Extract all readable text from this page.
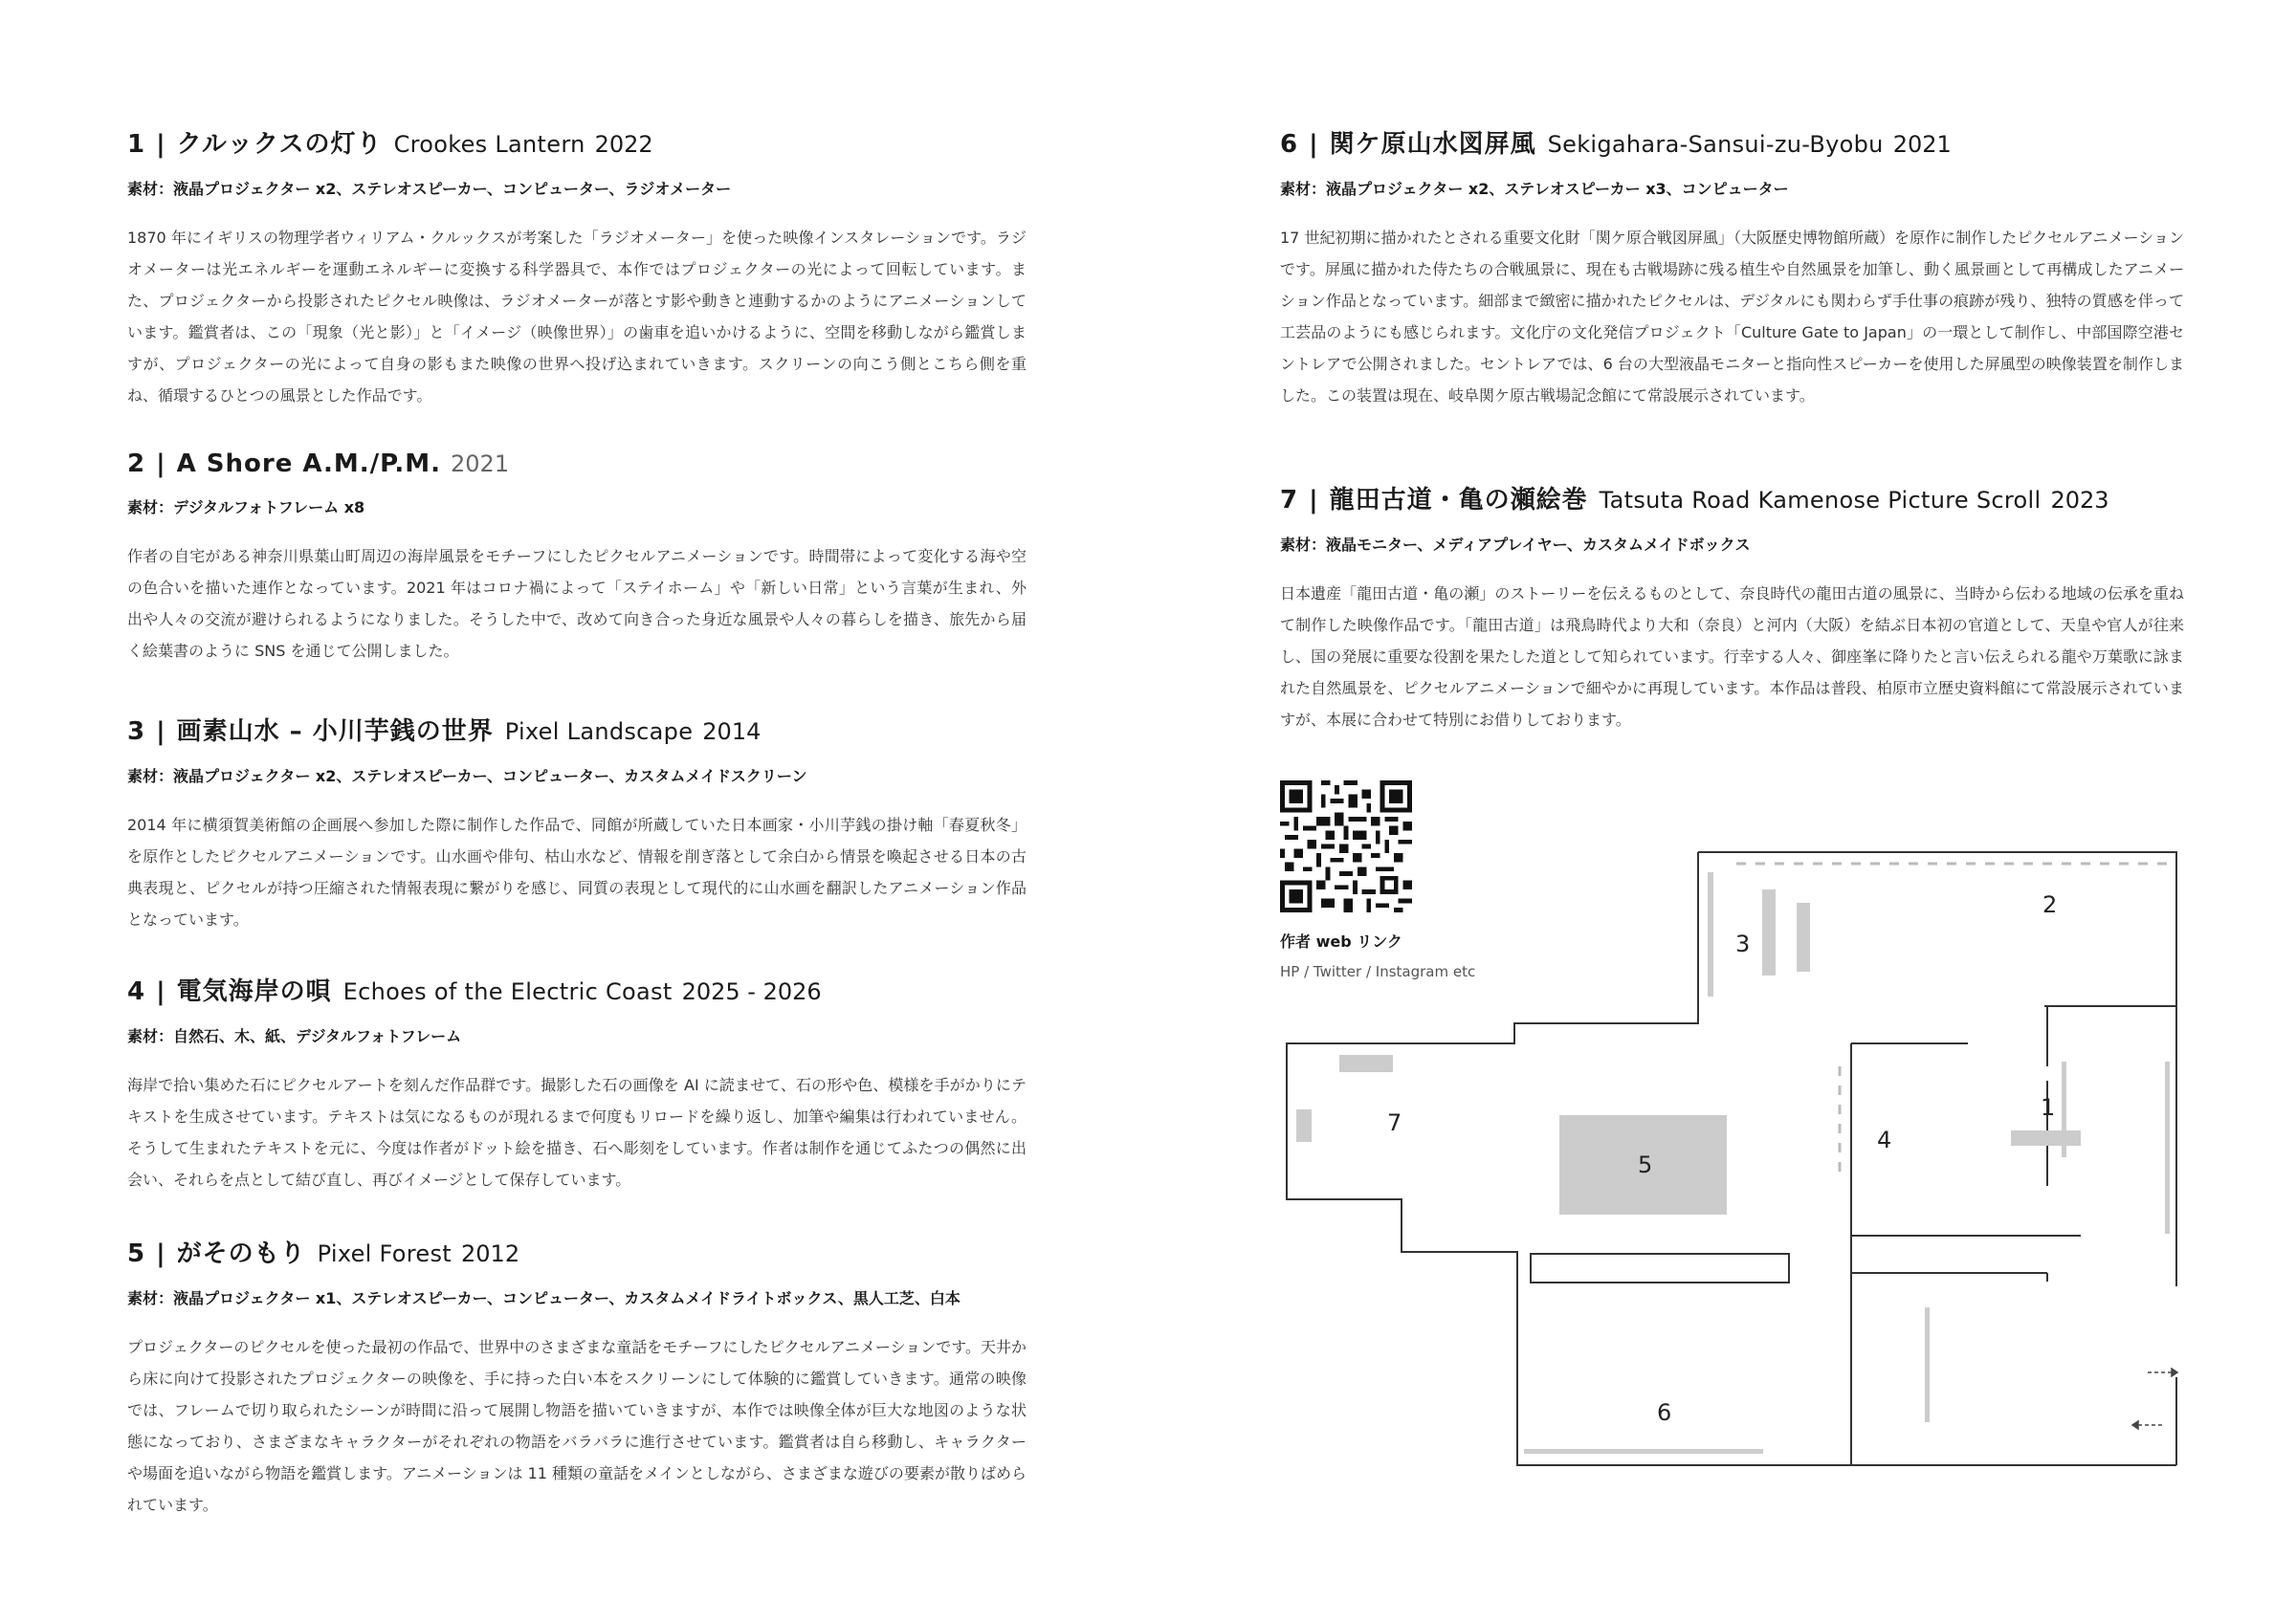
1 | クルックスの灯り Crookes Lantern 2022

素材：液晶プロジェクター x2、ステレオスピーカー、コンピューター、ラジオメーター

1870 年にイギリスの物理学者ウィリアム・クルックスが考案した「ラジオメーター」を使った映像インスタレーションです。ラジオメーターは光エネルギーを運動エネルギーに変換する科学器具で、本作ではプロジェクターの光によって回転しています。また、プロジェクターから投影されたピクセル映像は、ラジオメーターが落とす影や動きと連動するかのようにアニメーションしています。鑑賞者は、この「現象（光と影）」と「イメージ（映像世界）」の歯車を追いかけるように、空間を移動しながら鑑賞しますが、プロジェクターの光によって自身の影もまた映像の世界へ投げ込まれていきます。スクリーンの向こう側とこちら側を重ね、循環するひとつの風景とした作品です。

2 | A Shore A.M./P.M. 2021

素材：デジタルフォトフレーム x8

作者の自宅がある神奈川県葉山町周辺の海岸風景をモチーフにしたピクセルアニメーションです。時間帯によって変化する海や空の色合いを描いた連作となっています。2021 年はコロナ禍によって「ステイホーム」や「新しい日常」という言葉が生まれ、外出や人々の交流が避けられるようになりました。そうした中で、改めて向き合った身近な風景や人々の暮らしを描き、旅先から届く絵葉書のように SNS を通じて公開しました。

3 | 画素山水 – 小川芋銭の世界 Pixel Landscape 2014

素材：液晶プロジェクター x2、ステレオスピーカー、コンピューター、カスタムメイドスクリーン

2014 年に横須賀美術館の企画展へ参加した際に制作した作品で、同館が所蔵していた日本画家・小川芋銭の掛け軸「春夏秋冬」を原作としたピクセルアニメーションです。山水画や俳句、枯山水など、情報を削ぎ落として余白から情景を喚起させる日本の古典表現と、ピクセルが持つ圧縮された情報表現に繋がりを感じ、同質の表現として現代的に山水画を翻訳したアニメーション作品となっています。

4 | 電気海岸の唄 Echoes of the Electric Coast 2025 - 2026

素材：自然石、木、紙、デジタルフォトフレーム

海岸で拾い集めた石にピクセルアートを刻んだ作品群です。撮影した石の画像を AI に読ませて、石の形や色、模様を手がかりにテキストを生成させています。テキストは気になるものが現れるまで何度もリロードを繰り返し、加筆や編集は行われていません。そうして生まれたテキストを元に、今度は作者がドット絵を描き、石へ彫刻をしています。作者は制作を通じてふたつの偶然に出会い、それらを点として結び直し、再びイメージとして保存しています。

5 | がそのもり Pixel Forest 2012

素材：液晶プロジェクター x1、ステレオスピーカー、コンピューター、カスタムメイドライトボックス、黒人工芝、白本

プロジェクターのピクセルを使った最初の作品で、世界中のさまざまな童話をモチーフにしたピクセルアニメーションです。天井から床に向けて投影されたプロジェクターの映像を、手に持った白い本をスクリーンにして体験的に鑑賞していきます。通常の映像では、フレームで切り取られたシーンが時間に沿って展開し物語を描いていきますが、本作では映像全体が巨大な地図のような状態になっており、さまざまなキャラクターがそれぞれの物語をバラバラに進行させています。鑑賞者は自ら移動し、キャラクターや場面を追いながら物語を鑑賞します。アニメーションは 11 種類の童話をメインとしながら、さまざまな遊びの要素が散りばめられています。

6 | 関ケ原山水図屏風 Sekigahara-Sansui-zu-Byobu 2021

素材：液晶プロジェクター x2、ステレオスピーカー x3、コンピューター

17 世紀初期に描かれたとされる重要文化財「関ケ原合戦図屏風」（大阪歴史博物館所蔵）を原作に制作したピクセルアニメーションです。屏風に描かれた侍たちの合戦風景に、現在も古戦場跡に残る植生や自然風景を加筆し、動く風景画として再構成したアニメーション作品となっています。細部まで緻密に描かれたピクセルは、デジタルにも関わらず手仕事の痕跡が残り、独特の質感を伴って工芸品のようにも感じられます。文化庁の文化発信プロジェクト「Culture Gate to Japan」の一環として制作し、中部国際空港セントレアで公開されました。セントレアでは、6 台の大型液晶モニターと指向性スピーカーを使用した屏風型の映像装置を制作しました。この装置は現在、岐阜関ケ原古戦場記念館にて常設展示されています。

7 | 龍田古道・亀の瀬絵巻 Tatsuta Road Kamenose Picture Scroll 2023

素材：液晶モニター、メディアプレイヤー、カスタムメイドボックス

日本遺産「龍田古道・亀の瀬」のストーリーを伝えるものとして、奈良時代の龍田古道の風景に、当時から伝わる地域の伝承を重ねて制作した映像作品です。「龍田古道」は飛鳥時代より大和（奈良）と河内（大阪）を結ぶ日本初の官道として、天皇や官人が往来し、国の発展に重要な役割を果たした道として知られています。行幸する人々、御座峯に降りたと言い伝えられる龍や万葉歌に詠まれた自然風景を、ピクセルアニメーションで細やかに再現しています。本作品は普段、柏原市立歴史資料館にて常設展示されていますが、本展に合わせて特別にお借りしております。

作者 web リンク
HP / Twitter / Instagram etc
2
3
1
4
5
7
6
